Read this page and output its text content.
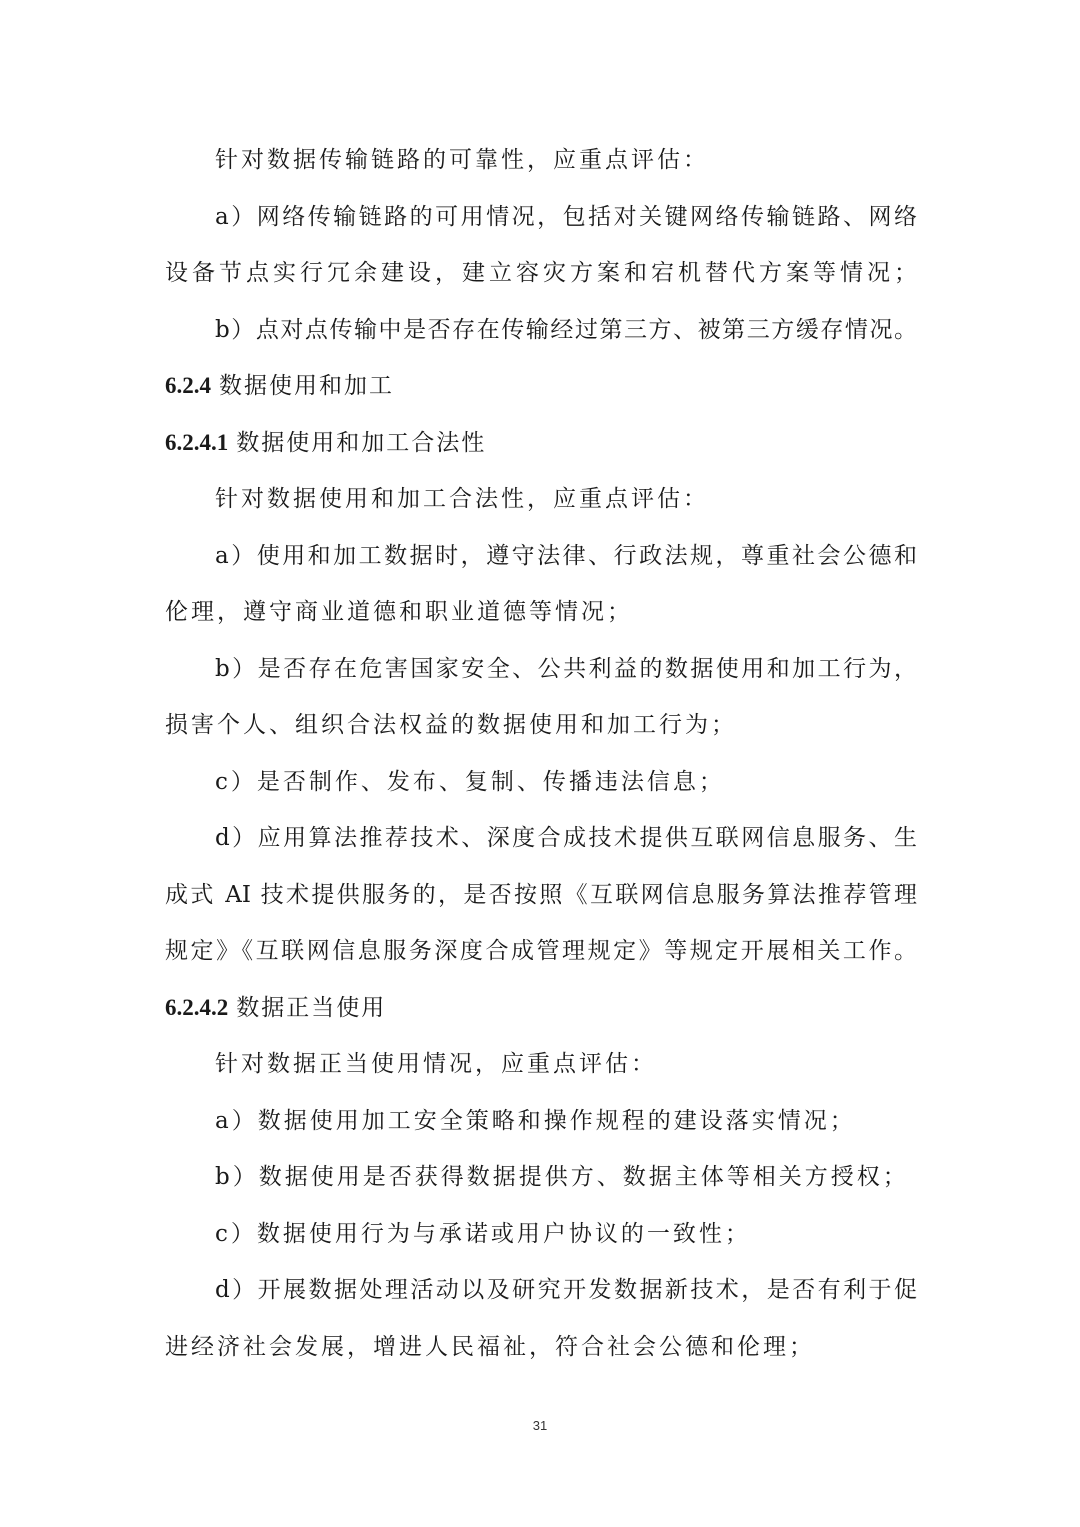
针对数据传输链路的可靠性，应重点评估：
a）网络传输链路的可用情况，包括对关键网络传输链路、网络
设备节点实行冗余建设，建立容灾方案和宕机替代方案等情况；
b）点对点传输中是否存在传输经过第三方、被第三方缓存情况。
6.2.4 数据使用和加工
6.2.4.1 数据使用和加工合法性
针对数据使用和加工合法性，应重点评估：
a）使用和加工数据时，遵守法律、行政法规，尊重社会公德和
伦理，遵守商业道德和职业道德等情况；
b）是否存在危害国家安全、公共利益的数据使用和加工行为，
损害个人、组织合法权益的数据使用和加工行为；
c）是否制作、发布、复制、传播违法信息；
d）应用算法推荐技术、深度合成技术提供互联网信息服务、生
成式 AI 技术提供服务的，是否按照《互联网信息服务算法推荐管理
规定》《互联网信息服务深度合成管理规定》等规定开展相关工作。
6.2.4.2 数据正当使用
针对数据正当使用情况，应重点评估：
a）数据使用加工安全策略和操作规程的建设落实情况；
b）数据使用是否获得数据提供方、数据主体等相关方授权；
c）数据使用行为与承诺或用户协议的一致性；
d）开展数据处理活动以及研究开发数据新技术，是否有利于促
进经济社会发展，增进人民福祉，符合社会公德和伦理；
31
